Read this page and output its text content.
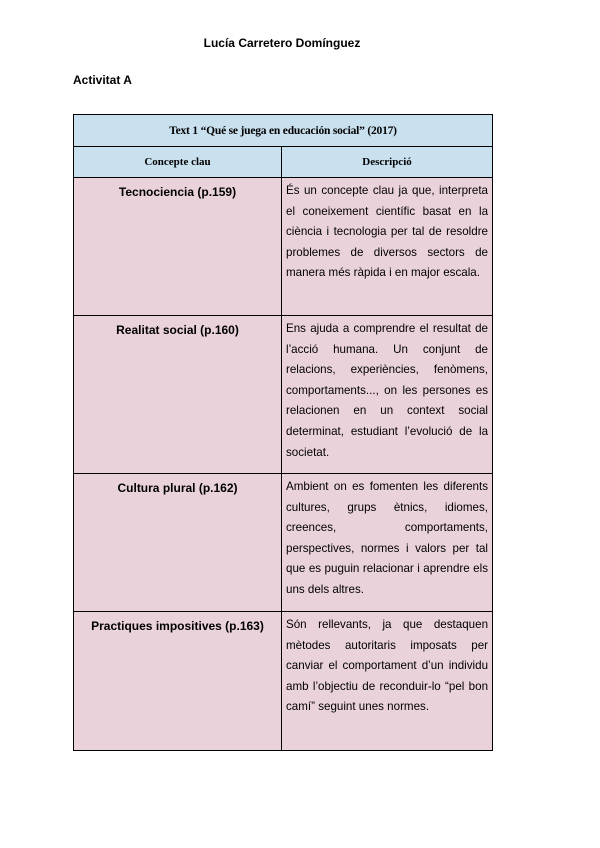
Lucía Carretero Domínguez
Activitat A
Text 1 “Qué se juega en educación social” (2017)	
Concepte clau	Descripció
Tecnociencia (p.159)	És un concepte clau ja que, interpreta el coneixement científic basat en la ciència i tecnologia per tal de resoldre problemes de diversos sectors de manera més ràpida i en major escala.
Realitat social (p.160)	Ens ajuda a comprendre el resultat de l’acció humana. Un conjunt de relacions, experiències, fenòmens, comportaments..., on les persones es relacionen en un context social determinat, estudiant l’evolució de la societat.
Cultura plural (p.162)	Ambient on es fomenten les diferents cultures, grups ètnics, idiomes, creences, comportaments, perspectives, normes i valors per tal que es puguin relacionar i aprendre els uns dels altres.
Practiques impositives (p.163)	Són rellevants, ja que destaquen mètodes autoritaris imposats per canviar el comportament d’un individu amb l’objectiu de reconduir-lo “pel bon camí” seguint unes normes.
